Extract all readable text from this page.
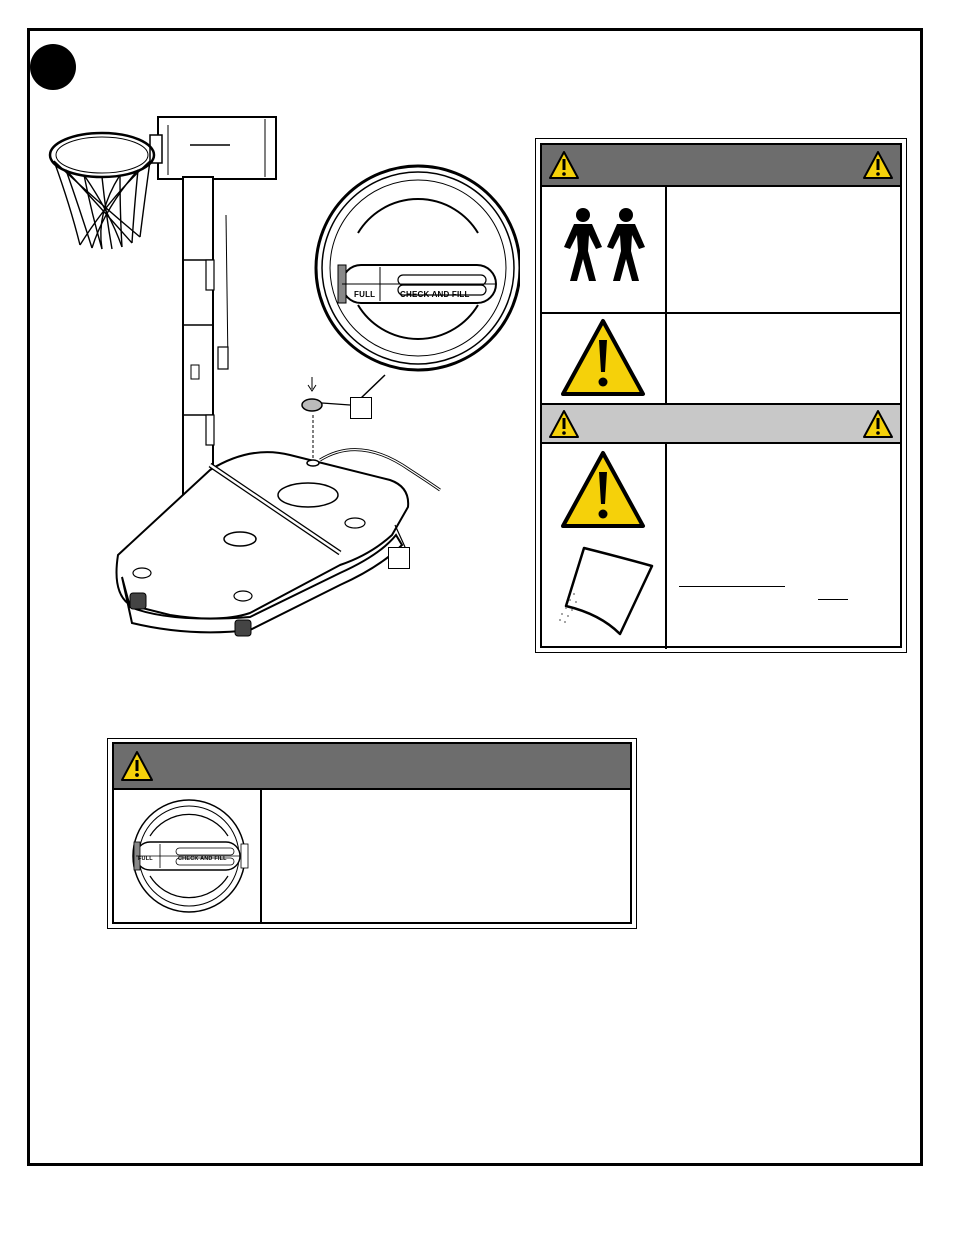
FULL	CHECK AND FILL
FULL	CHECK AND FILL
